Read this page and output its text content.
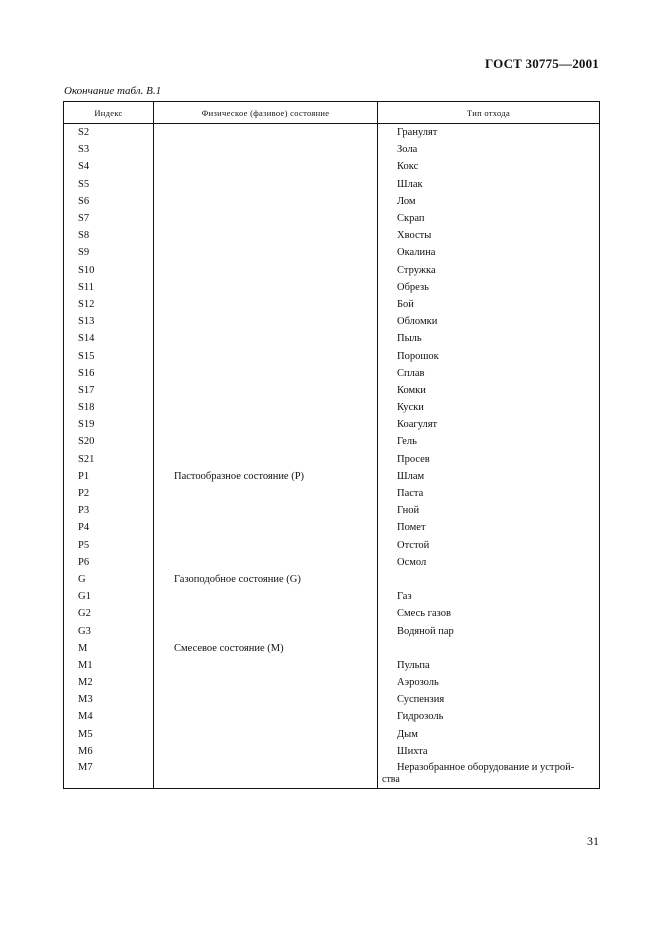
ГОСТ 30775—2001
Окончание табл. В.1
Индекс	Физическое (фазивое) состояние	Тип отхода
S2		Гранулят
S3		Зола
S4		Кокс
S5		Шлак
S6		Лом
S7		Скрап
S8		Хвосты
S9		Окалина
S10		Стружка
S11		Обрезь
S12		Бой
S13		Обломки
S14		Пыль
S15		Порошок
S16		Сплав
S17		Комки
S18		Куски
S19		Коагулят
S20		Гель
S21		Просев
P1	Пастообразное состояние (P)	Шлам
P2		Паста
P3		Гной
P4		Помет
P5		Отстой
P6		Осмол
G	Газоподобное состояние (G)	
G1		Газ
G2		Смесь газов
G3		Водяной пар
M	Смесевое состояние (M)	
M1		Пульпа
M2		Аэрозоль
M3		Суспензия
M4		Гидрозоль
M5		Дым
M6		Шихта
M7		Неразобранное оборудование и устрой-
ства
31
